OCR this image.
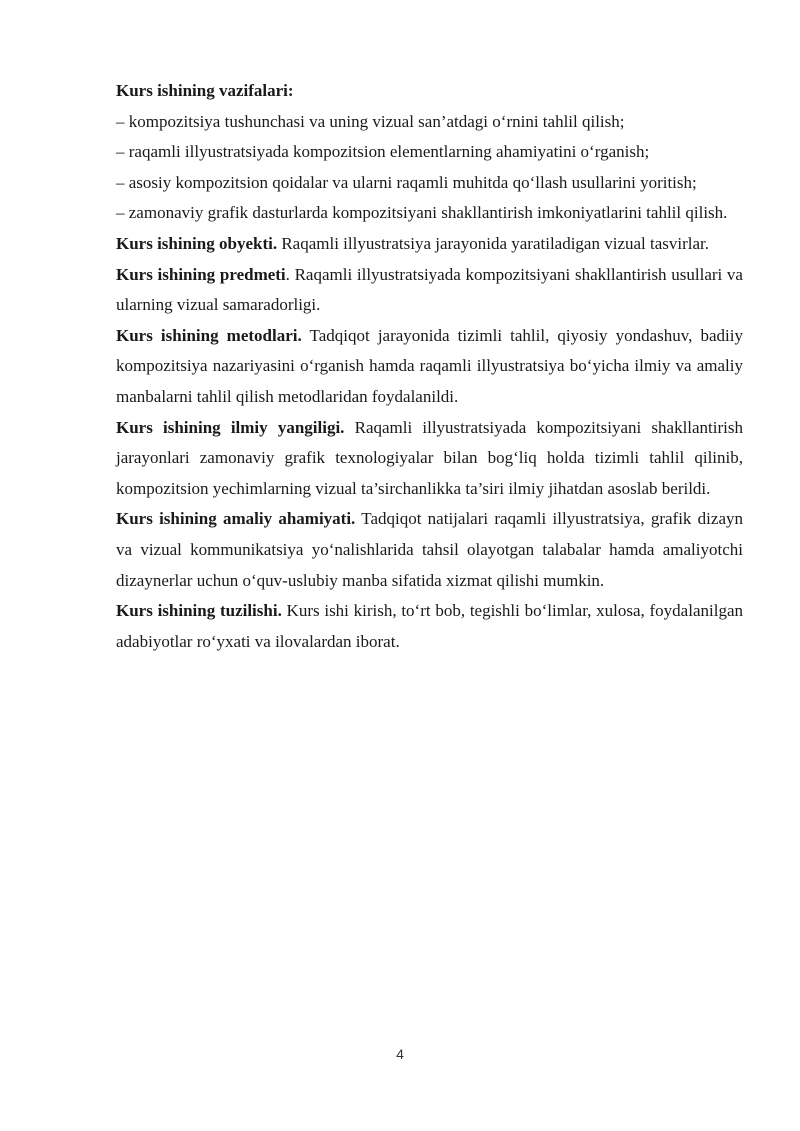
Kurs ishining vazifalari:

– kompozitsiya tushunchasi va uning vizual san’atdagi o‘rnini tahlil qilish;

– raqamli illyustratsiyada kompozitsion elementlarning ahamiyatini o‘rganish;

– asosiy kompozitsion qoidalar va ularni raqamli muhitda qo‘llash usullarini yoritish;

– zamonaviy grafik dasturlarda kompozitsiyani shakllantirish imkoniyatlarini tahlil qilish.

Kurs ishining obyekti. Raqamli illyustratsiya jarayonida yaratiladigan vizual tasvirlar.

Kurs ishining predmeti. Raqamli illyustratsiyada kompozitsiyani shakllantirish usullari va ularning vizual samaradorligi.

Kurs ishining metodlari. Tadqiqot jarayonida tizimli tahlil, qiyosiy yondashuv, badiiy kompozitsiya nazariyasini o‘rganish hamda raqamli illyustratsiya bo‘yicha ilmiy va amaliy manbalarni tahlil qilish metodlaridan foydalanildi.

Kurs ishining ilmiy yangiligi. Raqamli illyustratsiyada kompozitsiyani shakllantirish jarayonlari zamonaviy grafik texnologiyalar bilan bog‘liq holda tizimli tahlil qilinib, kompozitsion yechimlarning vizual ta’sirchanlikka ta’siri ilmiy jihatdan asoslab berildi.

Kurs ishining amaliy ahamiyati. Tadqiqot natijalari raqamli illyustratsiya, grafik dizayn va vizual kommunikatsiya yo‘nalishlarida tahsil olayotgan talabalar hamda amaliyotchi dizaynerlar uchun o‘quv-uslubiy manba sifatida xizmat qilishi mumkin.

Kurs ishining tuzilishi. Kurs ishi kirish, to‘rt bob, tegishli bo‘limlar, xulosa, foydalanilgan adabiyotlar ro‘yxati va ilovalardan iborat.

4
